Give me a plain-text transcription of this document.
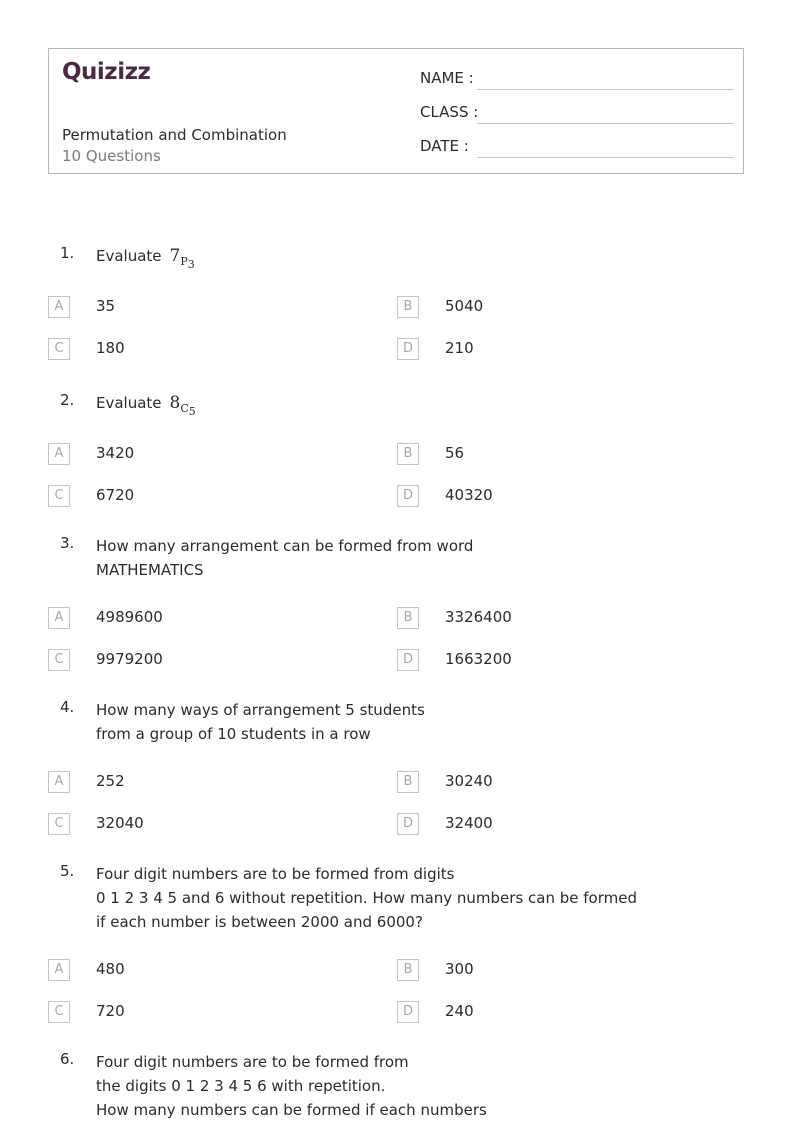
Quizizz
Permutation and Combination
10 Questions
NAME :
CLASS :
DATE :
1. Evaluate $7_{P_3}$
A	35	B	5040
C	180	D	210
2. Evaluate $8_{C_5}$
A	3420	B	56
C	6720	D	40320
3. How many arrangement can be formed from word
MATHEMATICS
A	4989600	B	3326400
C	9979200	D	1663200
4. How many ways of arrangement 5 students
from a group of 10 students in a row
A	252	B	30240
C	32040	D	32400
5. Four digit numbers are to be formed from digits
0 1 2 3 4 5 and 6 without repetition. How many numbers can be formed
if each number is between 2000 and 6000?
A	480	B	300
C	720	D	240
6. Four digit numbers are to be formed from
the digits 0 1 2 3 4 5 6 with repetition.
How many numbers can be formed if each numbers
